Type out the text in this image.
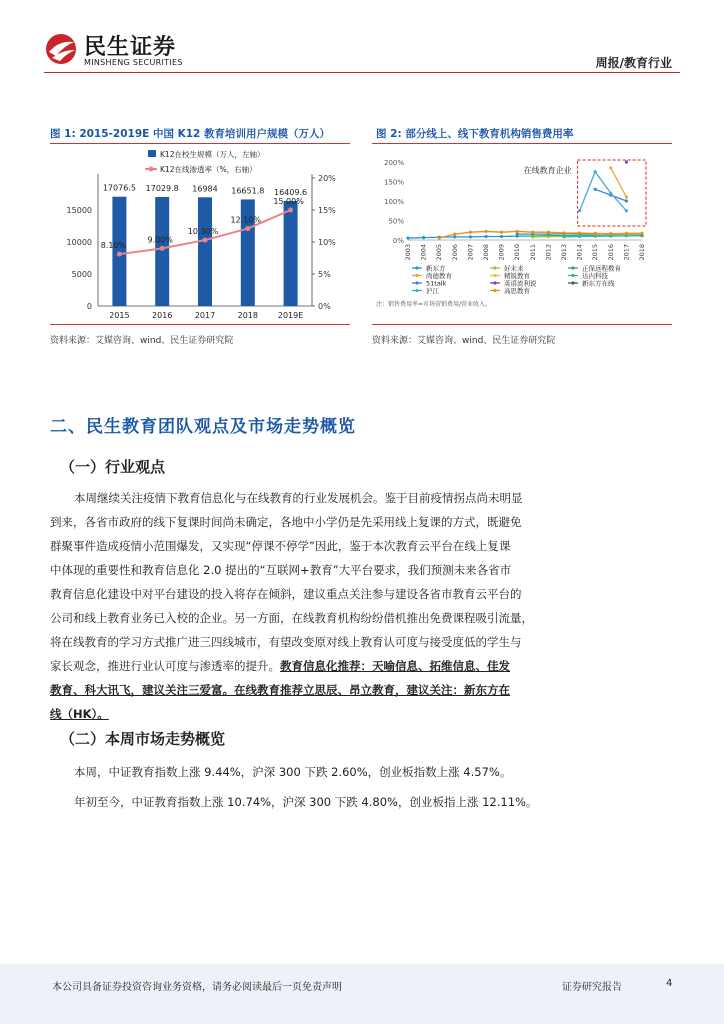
民生证券
MINSHENG SECURITIES	周报/教育行业
图 1: 2015-2019E 中国 K12 教育培训用户规模（万人）
0
5000
10000
15000
0%
5%
10%
15%
20%
17076.5
2015
17029.8
2016
16984
2017
16651.8
2018
16409.6
2019E
8.10%
9.00%
10.30%
12.10%
15.00%
K12在校生规模（万人，左轴）
K12在线渗透率（%，右轴）
资料来源：艾媒咨询、wind、民生证券研究院
图 2: 部分线上、线下教育机构销售费用率
0%
50%
100%
150%
200%
2003 2004 2005 2006 2007 2008 2009 2010 2011 2012 2013 2014 2015 2016 2017 2018
在线教育企业
新东方	好未来	正保远程教育
尚德教育	精锐教育	达内科技
51talk	英语流利说	新东方在线
沪江	高思教育
注：销售费用率=市场营销费用/营业收入。
资料来源：艾媒咨询、wind、民生证券研究院
二、民生教育团队观点及市场走势概览
（一）行业观点
本周继续关注疫情下教育信息化与在线教育的行业发展机会。鉴于目前疫情拐点尚未明显
到来，各省市政府的线下复课时间尚未确定，各地中小学仍是先采用线上复课的方式，既避免
群聚事件造成疫情小范围爆发，又实现“停课不停学”因此，鉴于本次教育云平台在线上复课
中体现的重要性和教育信息化 2.0 提出的“互联网+教育”大平台要求，我们预测未来各省市
教育信息化建设中对平台建设的投入将存在倾斜，建议重点关注参与建设各省市教育云平台的
公司和线上教育业务已入校的企业。另一方面，在线教育机构纷纷借机推出免费课程吸引流量，
将在线教育的学习方式推广进三四线城市，有望改变原对线上教育认可度与接受度低的学生与
家长观念，推进行业认可度与渗透率的提升。教育信息化推荐：天喻信息、拓维信息、佳发
教育、科大讯飞，建议关注三爱富。在线教育推荐立思辰、昂立教育，建议关注：新东方在
线（HK）。
（二）本周市场走势概览
本周，中证教育指数上涨 9.44%，沪深 300 下跌 2.60%，创业板指数上涨 4.57%。
年初至今，中证教育指数上涨 10.74%，沪深 300 下跌 4.80%，创业板指上涨 12.11%。
本公司具备证券投资咨询业务资格，请务必阅读最后一页免责声明	证券研究报告	4
